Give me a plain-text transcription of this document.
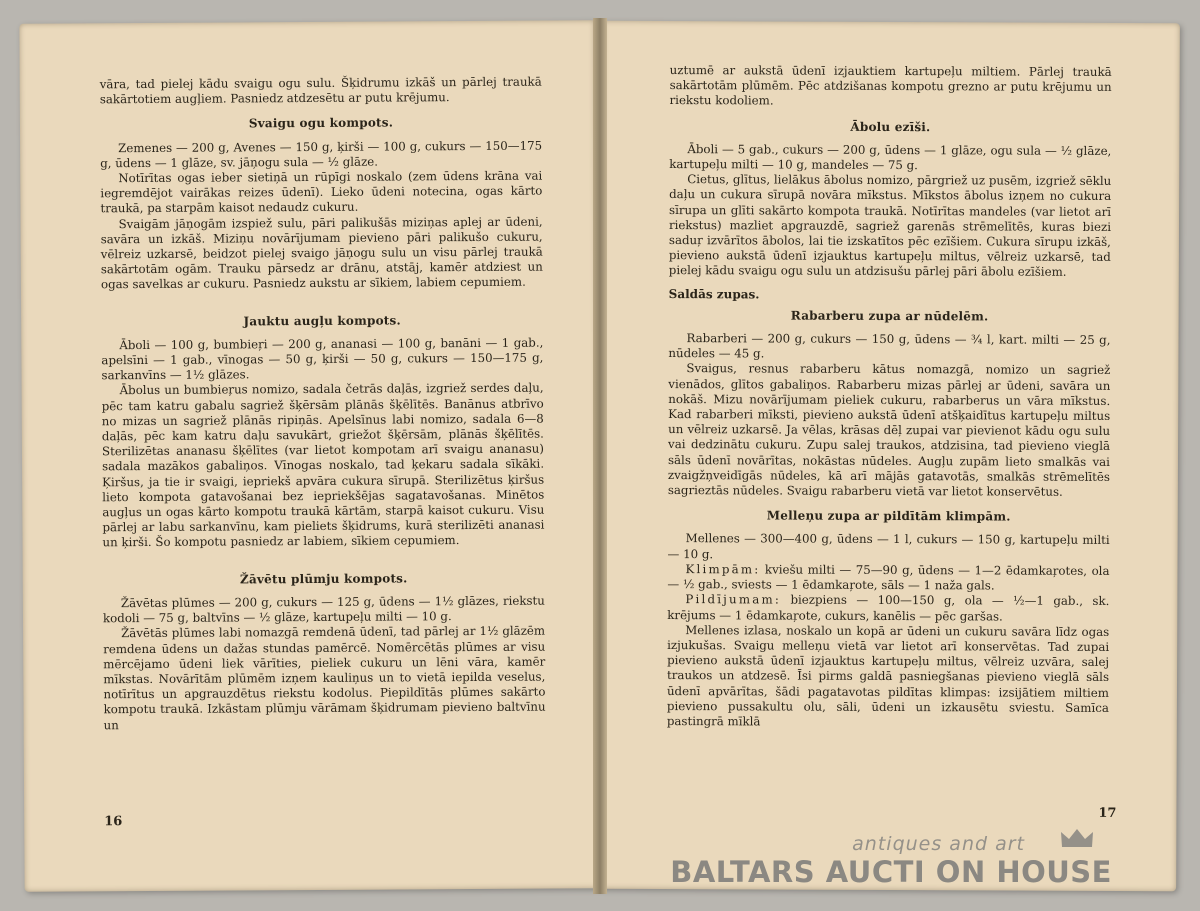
vāra, tad pielej kādu svaigu ogu sulu. Šķidrumu izkāš un pārlej traukā sakārtotiem augļiem. Pasniedz atdzesētu ar putu krējumu.

Svaigu ogu kompots.

Zemenes — 200 g, Avenes — 150 g, ķirši — 100 g, cukurs — 150—175 g, ūdens — 1 glāze, sv. jāņogu sula — ½ glāze.

Notīrītas ogas ieber sietiņā un rūpīgi noskalo (zem ūdens krāna vai iegremdējot vairākas reizes ūdenī). Lieko ūdeni notecina, ogas kārto traukā, pa starpām kaisot nedaudz cukuru.

Svaigām jāņogām izspiež sulu, pāri palikušās miziņas aplej ar ūdeni, savāra un izkāš. Miziņu novārījumam pievieno pāri palikušo cukuru, vēlreiz uzkarsē, beidzot pielej svaigo jāņogu sulu un visu pārlej traukā sakārtotām ogām. Trauku pārsedz ar drānu, atstāj, kamēr atdziest un ogas savelkas ar cukuru. Pasniedz aukstu ar sīkiem, labiem cepumiem.

Jauktu augļu kompots.

Āboli — 100 g, bumbieŗi — 200 g, ananasi — 100 g, banāni — 1 gab., apelsīni — 1 gab., vīnogas — 50 g, ķirši — 50 g, cukurs — 150—175 g, sarkanvīns — 1½ glāzes.

Ābolus un bumbieŗus nomizo, sadala četrās daļās, izgriež serdes daļu, pēc tam katru gabalu sagriež šķērsām plānās šķēlītēs. Banānus atbrīvo no mizas un sagriež plānās ripiņās. Apelsīnus labi nomizo, sadala 6—8 daļās, pēc kam katru daļu savukārt, griežot šķērsām, plānās šķēlītēs. Sterilizētas ananasu šķēlītes (var lietot kompotam arī svaigu ananasu) sadala mazākos gabaliņos. Vīnogas noskalo, tad ķekaru sadala sīkāki. Ķiršus, ja tie ir svaigi, iepriekš apvāra cukura sīrupā. Sterilizētus ķiršus lieto kompota gatavošanai bez iepriekšējas sagatavošanas. Minētos augļus un ogas kārto kompotu traukā kārtām, starpā kaisot cukuru. Visu pārlej ar labu sarkanvīnu, kam pieliets šķidrums, kurā sterilizēti ananasi un ķirši. Šo kompotu pasniedz ar labiem, sīkiem cepumiem.

Žāvētu plūmju kompots.

Žāvētas plūmes — 200 g, cukurs — 125 g, ūdens — 1½ glāzes, riekstu kodoli — 75 g, baltvīns — ½ glāze, kartupeļu milti — 10 g.

Žāvētās plūmes labi nomazgā remdenā ūdenī, tad pārlej ar 1½ glāzēm remdena ūdens un dažas stundas pamērcē. Nomērcētās plūmes ar visu mērcējamo ūdeni liek vārīties, pieliek cukuru un lēni vāra, kamēr mīkstas. Novārītām plūmēm izņem kauliņus un to vietā iepilda veselus, notīrītus un apgrauzdētus riekstu kodolus. Piepildītās plūmes sakārto kompotu traukā. Izkāstam plūmju vārāmam šķidrumam pievieno baltvīnu un

16

uztumē ar aukstā ūdenī izjauktiem kartupeļu miltiem. Pārlej traukā sakārtotām plūmēm. Pēc atdzišanas kompotu grezno ar putu krējumu un riekstu kodoliem.

Ābolu ezīši.

Āboli — 5 gab., cukurs — 200 g, ūdens — 1 glāze, ogu sula — ½ glāze, kartupeļu milti — 10 g, mandeles — 75 g.

Cietus, glītus, lielākus ābolus nomizo, pārgriež uz pusēm, izgriež sēklu daļu un cukura sīrupā novāra mīkstus. Mīkstos ābolus izņem no cukura sīrupa un glīti sakārto kompota traukā. Notīrītas mandeles (var lietot arī riekstus) mazliet apgrauzdē, sagriež garenās strēmelītēs, kuras biezi saduŗ izvārītos ābolos, lai tie izskatītos pēc ezīšiem. Cukura sīrupu izkāš, pievieno aukstā ūdenī izjauktus kartupeļu miltus, vēlreiz uzkarsē, tad pielej kādu svaigu ogu sulu un atdzisušu pārlej pāri ābolu ezīšiem.

Saldās zupas.
Rabarberu zupa ar nūdelēm.

Rabarberi — 200 g, cukurs — 150 g, ūdens — ¾ l, kart. milti — 25 g, nūdeles — 45 g.

Svaigus, resnus rabarberu kātus nomazgā, nomizo un sagriež vienādos, glītos gabaliņos. Rabarberu mizas pārlej ar ūdeni, savāra un nokāš. Mizu novārījumam pieliek cukuru, rabarberus un vāra mīkstus. Kad rabarberi mīksti, pievieno aukstā ūdenī atšķaidītus kartupeļu miltus un vēlreiz uzkarsē. Ja vēlas, krāsas dēļ zupai var pievienot kādu ogu sulu vai dedzinātu cukuru. Zupu salej traukos, atdzisina, tad pievieno vieglā sāls ūdenī novārītas, nokāstas nūdeles. Augļu zupām lieto smalkās vai zvaigžņveidīgās nūdeles, kā arī mājās gatavotās, smalkās strēmelītēs sagrieztās nūdeles. Svaigu rabarberu vietā var lietot konservētus.

Melleņu zupa ar pildītām klimpām.

Mellenes — 300—400 g, ūdens — 1 l, cukurs — 150 g, kartupeļu milti — 10 g.

Klimpām: kviešu milti — 75—90 g, ūdens — 1—2 ēdamkaŗotes, ola — ½ gab., sviests — 1 ēdamkaŗote, sāls — 1 naža gals.

Pildījumam: biezpiens — 100—150 g, ola — ½—1 gab., sk. krējums — 1 ēdamkaŗote, cukurs, kanēlis — pēc garšas.

Mellenes izlasa, noskalo un kopā ar ūdeni un cukuru savāra līdz ogas izjukušas. Svaigu melleņu vietā var lietot arī konservētas. Tad zupai pievieno aukstā ūdenī izjauktus kartupeļu miltus, vēlreiz uzvāra, salej traukos un atdzesē. Īsi pirms galdā pasniegšanas pievieno vieglā sāls ūdenī apvārītas, šādi pagatavotas pildītas klimpas: izsijātiem miltiem pievieno pussakultu olu, sāli, ūdeni un izkausētu sviestu. Samīca pastingrā mīklā

17
antiques and art
BALTARS AUCTI ON HOUSE
